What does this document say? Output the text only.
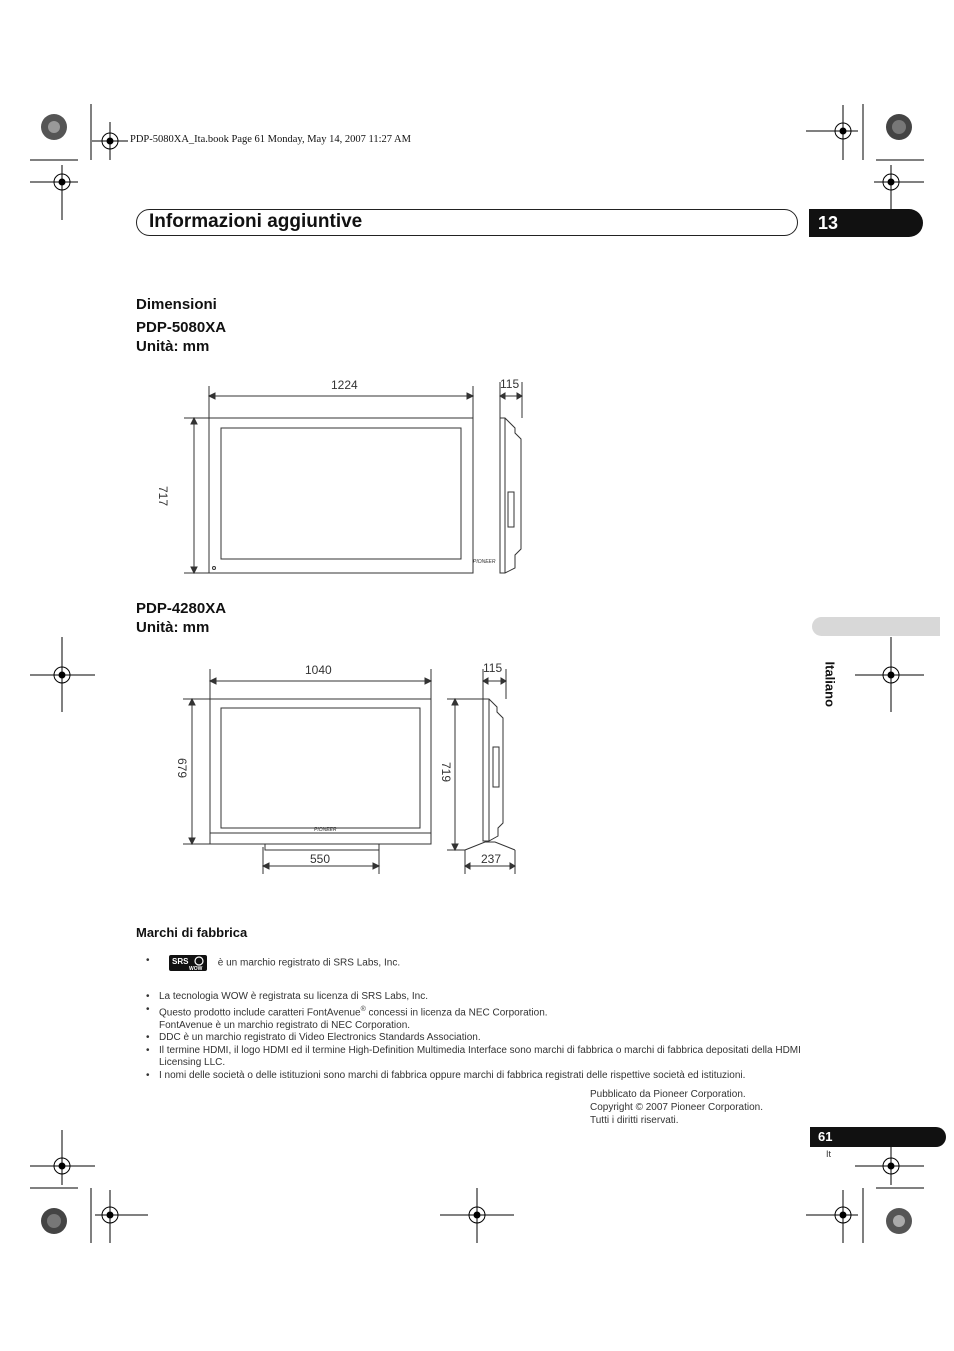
PDP-5080XA_Ita.book Page 61 Monday, May 14, 2007 11:27 AM
Informazioni aggiuntive	13
Dimensioni
PDP-5080XA
Unità: mm
PIONEER
1224	115
717
PDP-4280XA
Unità: mm
PIONEER
1040	115
679	719
550	237
Italiano
Marchi di fabbrica
•	SRS
WOW
è un marchio registrato di SRS Labs, Inc.
• La tecnologia WOW è registrata su licenza di SRS Labs, Inc.
• Questo prodotto include caratteri FontAvenue® concessi in licenza da NEC Corporation.
FontAvenue è un marchio registrato di NEC Corporation.
• DDC è un marchio registrato di Video Electronics Standards Association.
• Il termine HDMI, il logo HDMI ed il termine High-Definition Multimedia Interface sono marchi di fabbrica o marchi di fabbrica depositati della HDMI Licensing LLC.
• I nomi delle società o delle istituzioni sono marchi di fabbrica oppure marchi di fabbrica registrati delle rispettive società ed istituzioni.
Pubblicato da Pioneer Corporation.
Copyright © 2007 Pioneer Corporation.
Tutti i diritti riservati.
61
It
